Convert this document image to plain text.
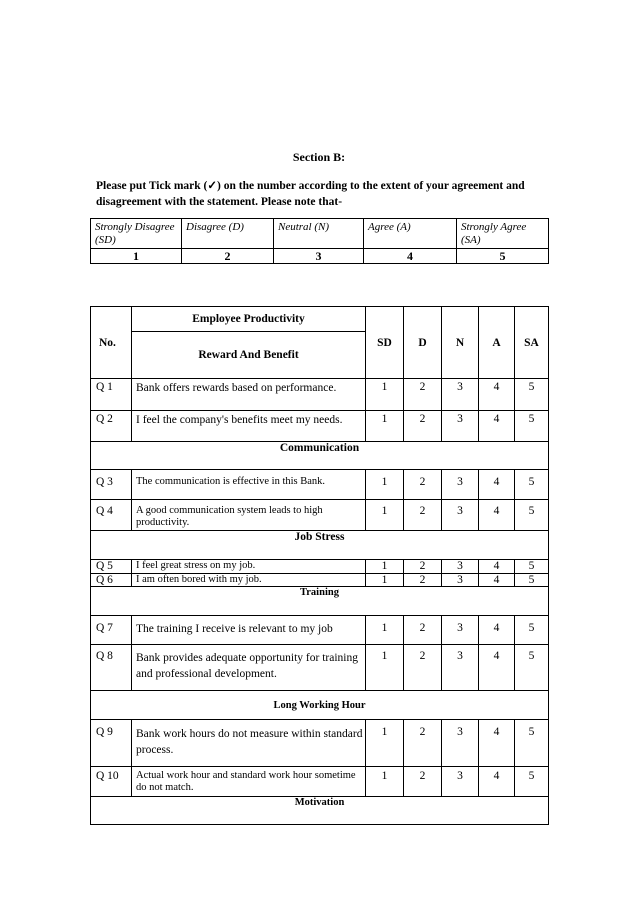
Section B:
Please put Tick mark (✓) on the number according to the extent of your agreement and disagreement with the statement. Please note that-
Strongly Disagree (SD)	Disagree (D)	Neutral (N)	Agree (A)	Strongly Agree (SA)
1	2	3	4	5
No.	Employee Productivity	SD	D	N	A	SA
	Reward And Benefit					
Q 1	Bank offers rewards based on performance.	1	2	3	4	5
Q 2	I feel the company's benefits meet my needs.	1	2	3	4	5
Communication						
Q 3	The communication is effective in this Bank.	1	2	3	4	5
Q 4	A good communication system leads to high productivity.	1	2	3	4	5
Job Stress						
Q 5	I feel great stress on my job.	1	2	3	4	5
Q 6	I am often bored with my job.	1	2	3	4	5
Training						
Q 7	The training I receive is relevant to my job	1	2	3	4	5
Q 8	Bank provides adequate opportunity for training and professional development.	1	2	3	4	5
Long Working Hour						
Q 9	Bank work hours do not measure within standard process.	1	2	3	4	5
Q 10	Actual work hour and standard work hour sometime do not match.	1	2	3	4	5
Motivation						
